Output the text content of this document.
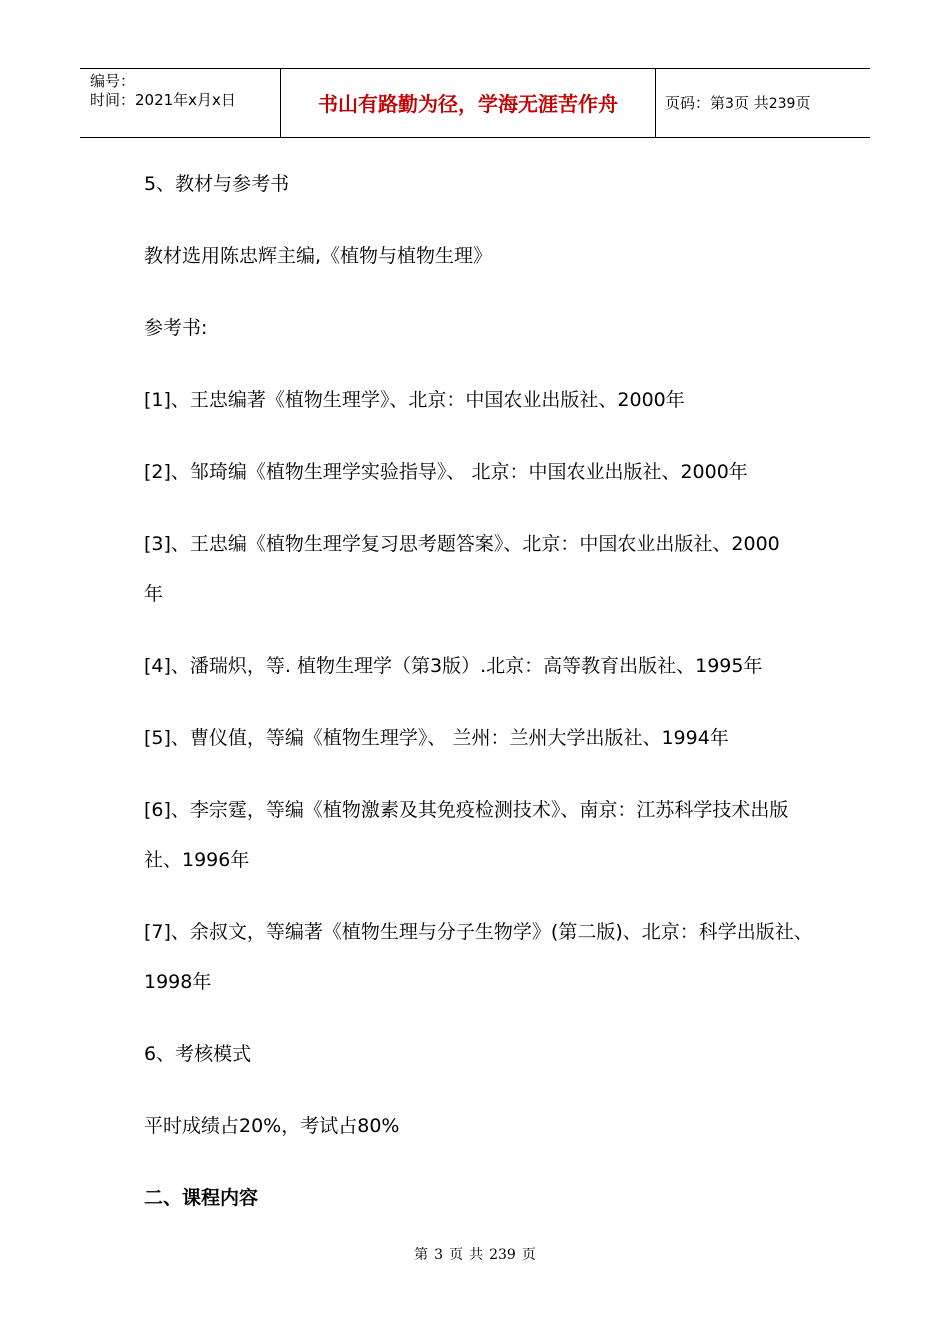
编号：
时间：2021年x月x日	书山有路勤为径，学海无涯苦作舟	页码：第3页 共239页
5、教材与参考书
教材选用陈忠辉主编,《植物与植物生理》
参考书:
[1]、王忠编著《植物生理学》、北京：中国农业出版社、2000年
[2]、邹琦编《植物生理学实验指导》、 北京：中国农业出版社、2000年
[3]、王忠编《植物生理学复习思考题答案》、北京：中国农业出版社、2000
年
[4]、潘瑞炽，等. 植物生理学（第3版）.北京：高等教育出版社、1995年
[5]、曹仪值，等编《植物生理学》、 兰州：兰州大学出版社、1994年
[6]、李宗霆，等编《植物激素及其免疫检测技术》、南京：江苏科学技术出版
社、1996年
[7]、余叔文，等编著《植物生理与分子生物学》(第二版)、北京：科学出版社、
1998年
6、考核模式
平时成绩占20%，考试占80%
二、课程内容
第 3 页 共 239 页
